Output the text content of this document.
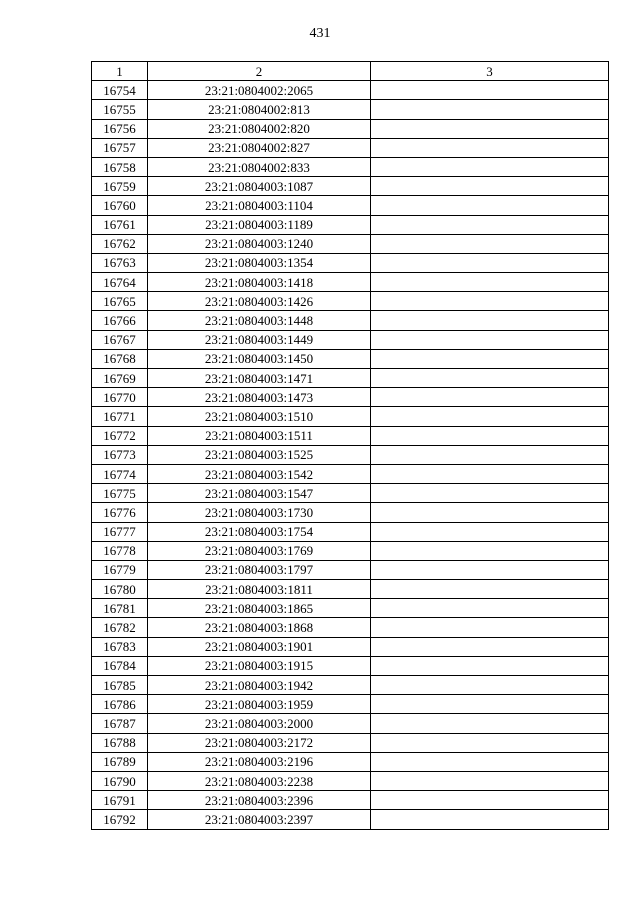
431
1	2	3
16754	23:21:0804002:2065	
16755	23:21:0804002:813	
16756	23:21:0804002:820	
16757	23:21:0804002:827	
16758	23:21:0804002:833	
16759	23:21:0804003:1087	
16760	23:21:0804003:1104	
16761	23:21:0804003:1189	
16762	23:21:0804003:1240	
16763	23:21:0804003:1354	
16764	23:21:0804003:1418	
16765	23:21:0804003:1426	
16766	23:21:0804003:1448	
16767	23:21:0804003:1449	
16768	23:21:0804003:1450	
16769	23:21:0804003:1471	
16770	23:21:0804003:1473	
16771	23:21:0804003:1510	
16772	23:21:0804003:1511	
16773	23:21:0804003:1525	
16774	23:21:0804003:1542	
16775	23:21:0804003:1547	
16776	23:21:0804003:1730	
16777	23:21:0804003:1754	
16778	23:21:0804003:1769	
16779	23:21:0804003:1797	
16780	23:21:0804003:1811	
16781	23:21:0804003:1865	
16782	23:21:0804003:1868	
16783	23:21:0804003:1901	
16784	23:21:0804003:1915	
16785	23:21:0804003:1942	
16786	23:21:0804003:1959	
16787	23:21:0804003:2000	
16788	23:21:0804003:2172	
16789	23:21:0804003:2196	
16790	23:21:0804003:2238	
16791	23:21:0804003:2396	
16792	23:21:0804003:2397	
